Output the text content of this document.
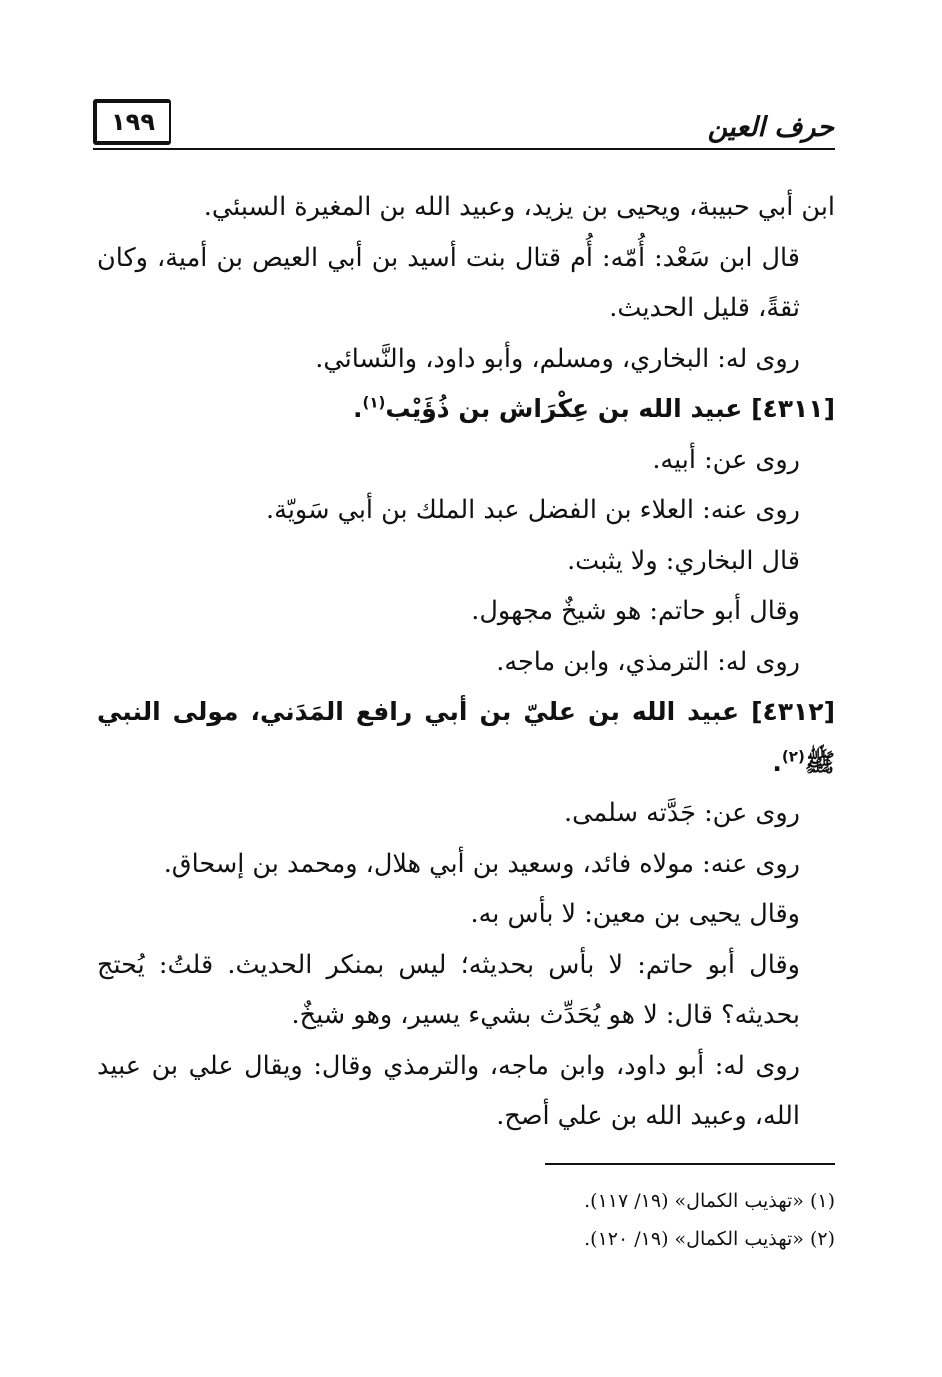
حرف العين
١٩٩

ابن أبي حبيبة، ويحيى بن يزيد، وعبيد الله بن المغيرة السبئي.

قال ابن سَعْد: أُمّه: أُم قتال بنت أسيد بن أبي العيص بن أمية، وكان ثقةً، قليل الحديث.

روى له: البخاري، ومسلم، وأبو داود، والنَّسائي.

[٤٣١١] عبيد الله بن عِكْرَاش بن ذُؤَيْب$^{(١)}$.

روى عن: أبيه.

روى عنه: العلاء بن الفضل عبد الملك بن أبي سَويّة.

قال البخاري: ولا يثبت.

وقال أبو حاتم: هو شيخٌ مجهول.

روى له: الترمذي، وابن ماجه.

[٤٣١٢] عبيد الله بن عليّ بن أبي رافع المَدَني، مولى النبي ﷺ$^{(٢)}$.

روى عن: جَدَّته سلمى.

روى عنه: مولاه فائد، وسعيد بن أبي هلال، ومحمد بن إسحاق.

وقال يحيى بن معين: لا بأس به.

وقال أبو حاتم: لا بأس بحديثه؛ ليس بمنكر الحديث. قلتُ: يُحتج بحديثه؟ قال: لا هو يُحَدِّث بشيء يسير، وهو شيخٌ.

روى له: أبو داود، وابن ماجه، والترمذي وقال: ويقال علي بن عبيد الله، وعبيد الله بن علي أصح.

(١) «تهذيب الكمال» (١٩/ ١١٧).

(٢) «تهذيب الكمال» (١٩/ ١٢٠).
